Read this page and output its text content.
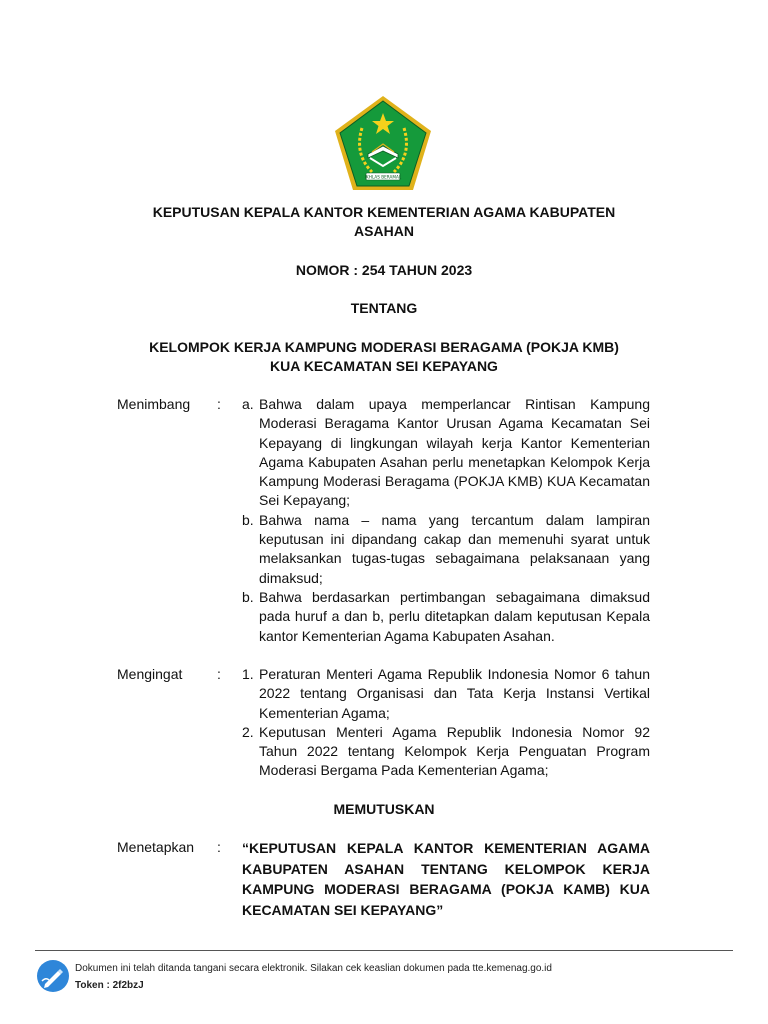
IKHLAS BERAMAL
KEPUTUSAN KEPALA KANTOR KEMENTERIAN AGAMA KABUPATEN
ASAHAN
NOMOR : 254 TAHUN 2023
TENTANG
KELOMPOK KERJA KAMPUNG MODERASI BERAGAMA (POKJA KMB)
KUA KECAMATAN SEI KEPAYANG
Menimbang	:	a. Bahwa dalam upaya memperlancar Rintisan Kampung Moderasi Beragama Kantor Urusan Agama Kecamatan Sei Kepayang di lingkungan wilayah kerja Kantor Kementerian Agama Kabupaten Asahan perlu menetapkan Kelompok Kerja Kampung Moderasi Beragama (POKJA KMB) KUA Kecamatan Sei Kepayang;
b. Bahwa nama – nama yang tercantum dalam lampiran keputusan ini dipandang cakap dan memenuhi syarat untuk melaksankan tugas-tugas sebagaimana pelaksanaan yang dimaksud;
b. Bahwa berdasarkan pertimbangan sebagaimana dimaksud pada huruf a dan b, perlu ditetapkan dalam keputusan Kepala kantor Kementerian Agama Kabupaten Asahan.
Mengingat	:	1. Peraturan Menteri Agama Republik Indonesia Nomor 6 tahun 2022 tentang Organisasi dan Tata Kerja Instansi Vertikal Kementerian Agama;
2. Keputusan Menteri Agama Republik Indonesia Nomor 92 Tahun 2022 tentang Kelompok Kerja Penguatan Program Moderasi Bergama Pada Kementerian Agama;
MEMUTUSKAN
Menetapkan	:	“KEPUTUSAN KEPALA KANTOR KEMENTERIAN AGAMA KABUPATEN ASAHAN TENTANG KELOMPOK KERJA KAMPUNG MODERASI BERAGAMA (POKJA KAMB) KUA KECAMATAN SEI KEPAYANG”
Dokumen ini telah ditanda tangani secara elektronik. Silakan cek keaslian dokumen pada tte.kemenag.go.id
Token : 2f2bzJ
